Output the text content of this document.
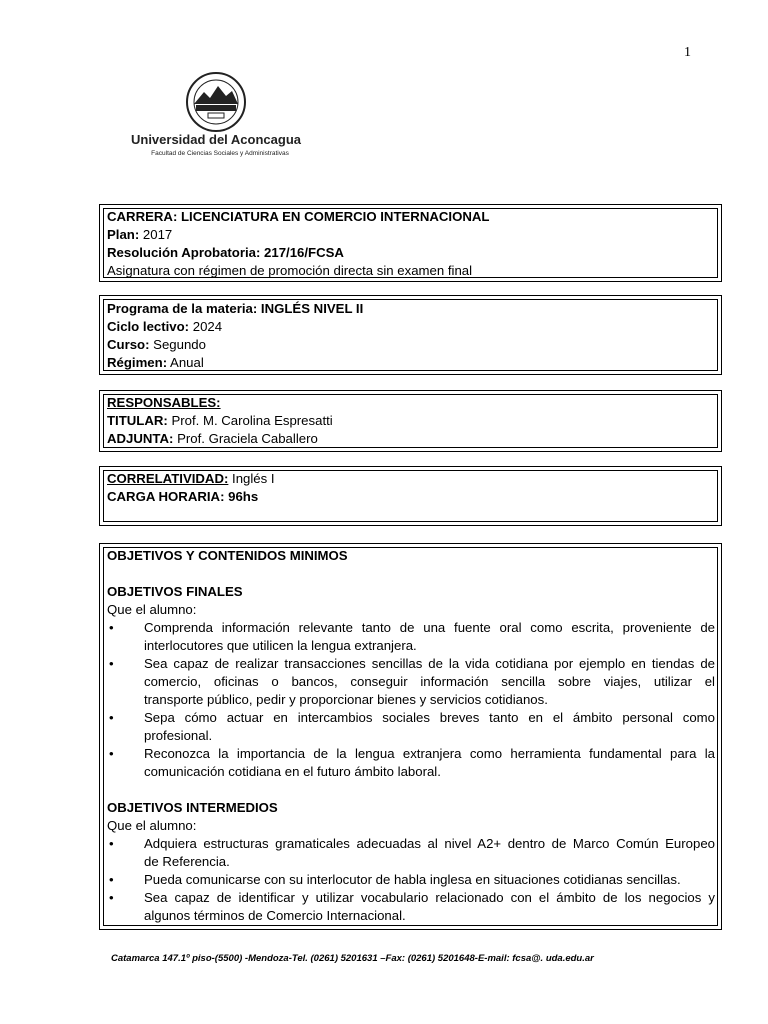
1
Universidad del Aconcagua
Facultad de Ciencias Sociales y Administrativas
CARRERA: LICENCIATURA EN COMERCIO INTERNACIONAL
Plan: 2017
Resolución Aprobatoria: 217/16/FCSA
Asignatura con régimen de promoción directa sin examen final
Programa de la materia: INGLÉS NIVEL II
Ciclo lectivo: 2024
Curso: Segundo
Régimen: Anual
RESPONSABLES:
TITULAR: Prof. M. Carolina Espresatti
ADJUNTA: Prof. Graciela Caballero
CORRELATIVIDAD: Inglés I
CARGA HORARIA: 96hs
OBJETIVOS Y CONTENIDOS MINIMOS
OBJETIVOS FINALES
Que el alumno:
• Comprenda información relevante tanto de una fuente oral como escrita, proveniente de
interlocutores que utilicen la lengua extranjera.
• Sea capaz de realizar transacciones sencillas de la vida cotidiana por ejemplo en tiendas de
comercio, oficinas o bancos, conseguir información sencilla sobre viajes, utilizar el
transporte público, pedir y proporcionar bienes y servicios cotidianos.
• Sepa cómo actuar en intercambios sociales breves tanto en el ámbito personal como
profesional.
• Reconozca la importancia de la lengua extranjera como herramienta fundamental para la
comunicación cotidiana en el futuro ámbito laboral.
OBJETIVOS INTERMEDIOS
Que el alumno:
• Adquiera estructuras gramaticales adecuadas al nivel A2+ dentro de Marco Común Europeo
de Referencia.
• Pueda comunicarse con su interlocutor de habla inglesa en situaciones cotidianas sencillas.
• Sea capaz de identificar y utilizar vocabulario relacionado con el ámbito de los negocios y
algunos términos de Comercio Internacional.
Catamarca 147.1º piso-(5500) -Mendoza-Tel. (0261) 5201631 –Fax: (0261) 5201648-E-mail: fcsa@. uda.edu.ar
